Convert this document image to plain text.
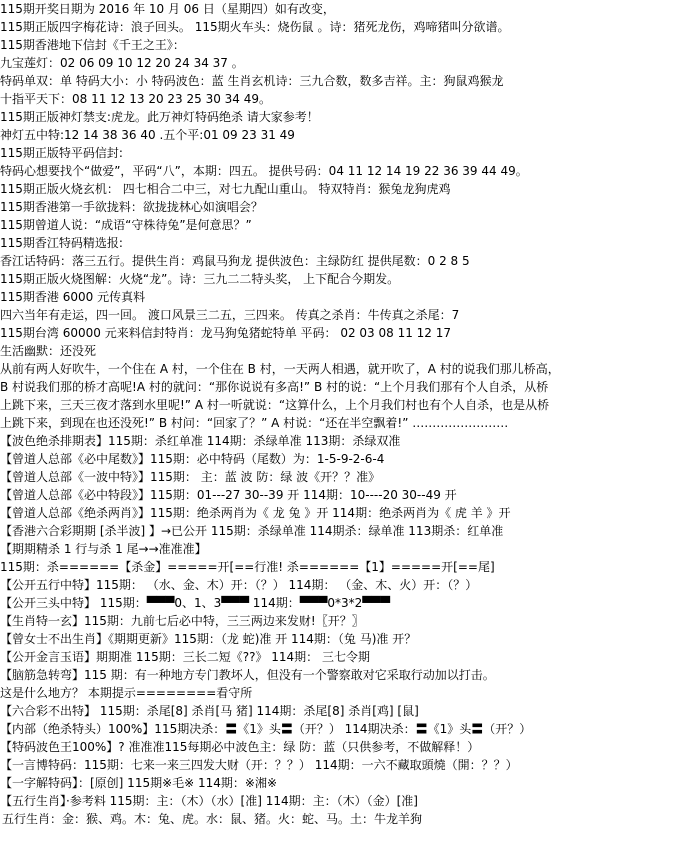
115期开奖日期为 2016 年 10 月 06 日（星期四）如有改变，
115期正版四字梅花诗：浪子回头。 115期火车头：烧伤鼠 。诗：猪死龙伤，鸡啼猪叫分欲谱。
115期香港地下信封《千王之王》：
九宝莲灯：02 06 09 10 12 20 24 34 37 。
特码单双：单 特码大小：小 特码波色：蓝 生肖玄机诗：三九合数，数多吉祥。主：狗鼠鸡猴龙
十指平天下：08 11 12 13 20 23 25 30 34 49。
115期正版神灯禁支:虎龙。此万神灯特码绝杀 请大家参考！
神灯五中特:12 14 38 36 40 .五个平:01 09 23 31 49
115期正版特平码信封:
特码心想要找个“做爱”，平码“八”，本期：四五。 提供号码：04 11 12 14 19 22 36 39 44 49。
115期正版火烧玄机： 四七相合二中三，对七九配山重山。 特双特肖：猴兔龙狗虎鸡
115期香港第一手欲拢料：欲拢拢林心如演唱会？
115期曾道人说：“成语“守株待兔”是何意思？”
115期香江特码精选报:
香江话特码：落三五行。提供生肖：鸡鼠马狗龙 提供波色：主绿防红 提供尾数：0 2 8 5
115期正版火烧图解：火烧“龙”。诗：三九二二特头奖， 上下配合今期发。
115期香港 6000 元传真料
四六当年有走运，四一回。 渡口风景三二五，三四来。 传真之杀肖：牛传真之杀尾：7
115期台湾 60000 元来料信封特肖：龙马狗兔猪蛇特单 平码： 02 03 08 11 12 17
生活幽默：还没死
从前有两人好吹牛，一个住在 A 村，一个住在 B 村，一天两人相遇，就开吹了，A 村的说我们那儿桥高，
B 村说我们那的桥才高呢!A 村的就问：“那你说说有多高!” B 村的说：“上个月我们那有个人自杀，从桥
上跳下来，三天三夜才落到水里呢!” A 村一听就说：“这算什么，上个月我们村也有个人自杀，也是从桥
上跳下来，到现在也还没死!” B 村问：“回家了？” A 村说：“还在半空飘着!” ……………………
【波色绝杀排期表】115期：杀红单准 114期：杀绿单准 113期：杀绿双准
【曾道人总部《必中尾数》】115期：必中特码（尾数）为：1-5-9-2-6-4
【曾道人总部《一波中特》】115期： 主：蓝 波 防：绿 波《开？？准》
【曾道人总部《必中特段》】115期：01---27 30--39 开 114期：10----20 30--49 开
【曾道人总部《绝杀两肖》】115期：绝杀两肖为《 龙 兔 》开 114期：绝杀两肖为《 虎 羊 》开
【香港六合彩期期 [杀半波] 】→已公开 115期：杀绿单准 114期杀：绿单准 113期杀：红单准
【期期精杀 1 行与杀 1 尾→→准准准】
115期：杀======【杀金】=====开[==行准! 杀======【1】=====开[==尾]
【公开五行中特】115期： （水、金、木）开：（？） 114期： （金、木、火）开：（？）
【公开三头中特】 115期：▀▀▀0、1、3▀▀▀ 114期：▀▀▀0*3*2▀▀▀
【生肖特一玄】115期：九前七后必中特，三三两边来发财!〖开？〗
【曾女士不出生肖】《期期更新》115期：（龙 蛇)准 开 114期：（兔 马)准 开？
【公开金言玉语】期期准 115期：三长二短《??》 114期： 三七令期
【脑筋急转弯】115 期：有一种地方专门教坏人，但没有一个警察敢对它采取行动加以打击。
这是什么地方？ 本期提示========看守所
【六合彩不出特】 115期：杀尾[8] 杀肖[马 猪] 114期：杀尾[8] 杀肖[鸡] [鼠]
【内部（绝杀特头）100%】115期决杀：〓《1》头〓（开？） 114期决杀：〓《1》头〓（开？）
【特码波色王100%】? 准准准115每期必中波色主：绿 防：蓝（只供参考，不做解释！）
【一言博特码：115期：七来一来三四发大财（开：？？） 114期：一六不藏取頭燒（開：？？）
【一字解特码】：[原创] 115期※毛※ 114期：※湘※
【五行生肖】·参考料 115期：主：（木）（水）[准] 114期：主：（木）（金）[准]
五行生肖：金：猴、鸡。木：兔、虎。水：鼠、猪。火：蛇、马。土：牛龙羊狗
